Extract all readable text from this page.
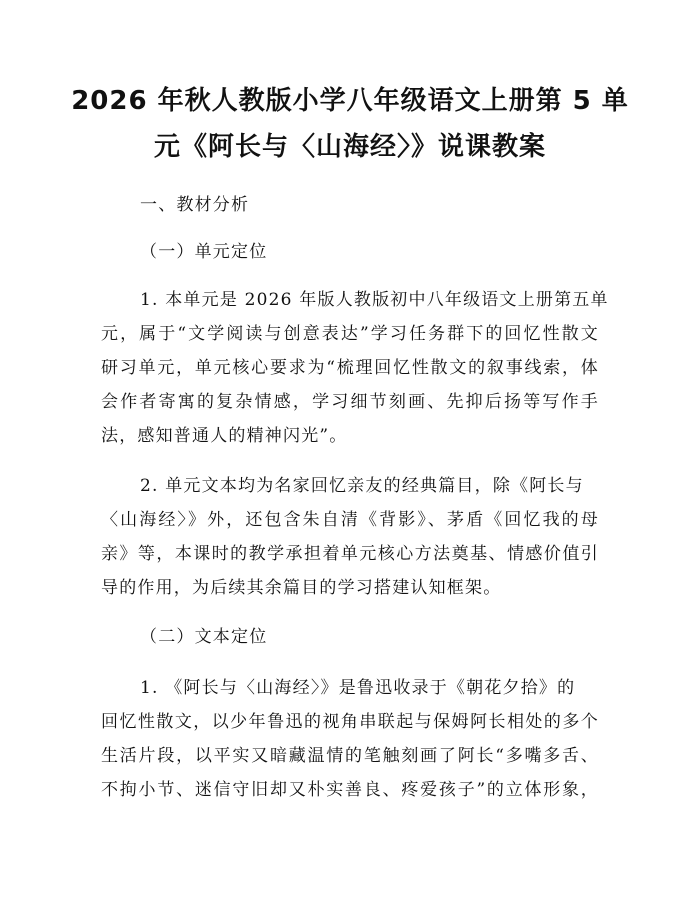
2026 年秋人教版小学八年级语文上册第 5 单
元《阿长与〈山海经〉》说课教案
一、教材分析
（一）单元定位
1. 本单元是 2026 年版人教版初中八年级语文上册第五单
元，属于“文学阅读与创意表达”学习任务群下的回忆性散文
研习单元，单元核心要求为“梳理回忆性散文的叙事线索，体
会作者寄寓的复杂情感，学习细节刻画、先抑后扬等写作手
法，感知普通人的精神闪光”。
2. 单元文本均为名家回忆亲友的经典篇目，除《阿长与
〈山海经〉》外，还包含朱自清《背影》、茅盾《回忆我的母
亲》等，本课时的教学承担着单元核心方法奠基、情感价值引
导的作用，为后续其余篇目的学习搭建认知框架。
（二）文本定位
1. 《阿长与〈山海经〉》是鲁迅收录于《朝花夕拾》的
回忆性散文，以少年鲁迅的视角串联起与保姆阿长相处的多个
生活片段，以平实又暗藏温情的笔触刻画了阿长“多嘴多舌、
不拘小节、迷信守旧却又朴实善良、疼爱孩子”的立体形象，
